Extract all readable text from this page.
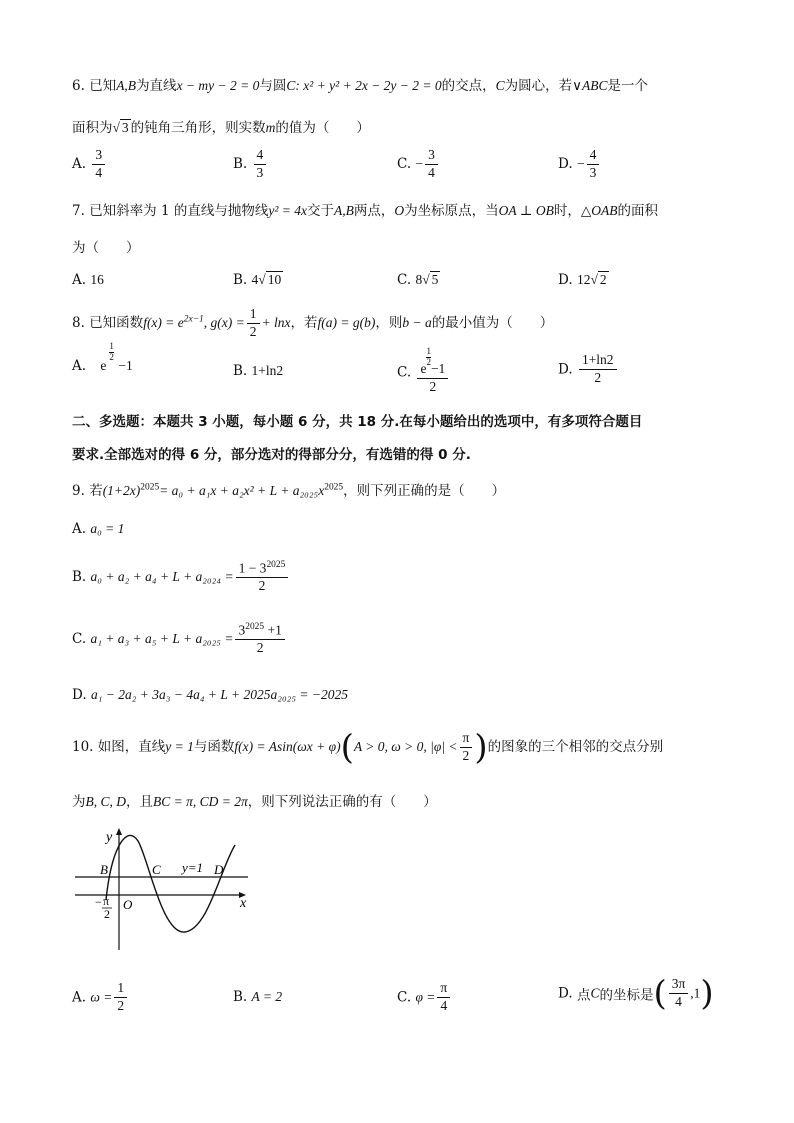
6. 已知A,B为直线x − my − 2 = 0与圆C: x² + y² + 2x − 2y − 2 = 0的交点，C为圆心，若∨ABC是一个
面积为√ 3 的钝角三角形，则实数m的值为（　　）
A. $\frac{3}{4}$	B. $\frac{4}{3}$	C. − $\frac{3}{4}$	D. − $\frac{4}{3}$
7. 已知斜率为 1 的直线与抛物线y² = 4x交于A,B两点，O为坐标原点，当OA ⊥ OB时，△OAB的面积
为（　　）
A. 16	B. 4√ 10	C. 8√ 5	D. 12√ 2
8. 已知函数$f(x) = e^{2x-1}$, $g(x) = \frac{1}{2} + \ln x$，若f(a) = g(b)，则b − a的最小值为（　　）
A. e
$\frac{1}{2}$
−1	B. 1+ln2	C. e
$\frac{1}{2}$
−1
2	D. $\frac{1+\ln 2}{2}$
二、多选题：本题共 3 小题，每小题 6 分，共 18 分.在每小题给出的选项中，有多项符合题目
要求.全部选对的得 6 分，部分选对的得部分分，有选错的得 0 分.
9. 若$(1+2x)^{2025}= a_0 + a_1x + a_2x^2 + L + a_{2025}x^{2025}$，则下列正确的是（　　）
A. a₀ = 1
B. $a_0 + a_2 + a_4 + L + a_{2024} = \frac{1 - 3^{2025}}{2}$
C. $a_1 + a_3 + a_5 + L + a_{2025} = \frac{3^{2025} +1}{2}$
D. a₁ − 2a₂ + 3a₃ − 4a₄ + L + 2025a₂₀₂₅ = −2025
10. 如图，直线y = 1与函数f(x) = Asin(ωx + φ)(A > 0, ω > 0, $|\varphi| < \frac{\pi}{2}$ )的图象的三个相邻的交点分别
为B, C, D，且BC = π, CD = 2π，则下列说法正确的有（　　）
y
x
B	C y=1 D
O
− π
2
A. $\omega = \frac{1}{2}$	B. A = 2	C. $\varphi = \frac{\pi}{4}$	D. 点C的坐标是( $\frac{3\pi}{4} ,1$)
